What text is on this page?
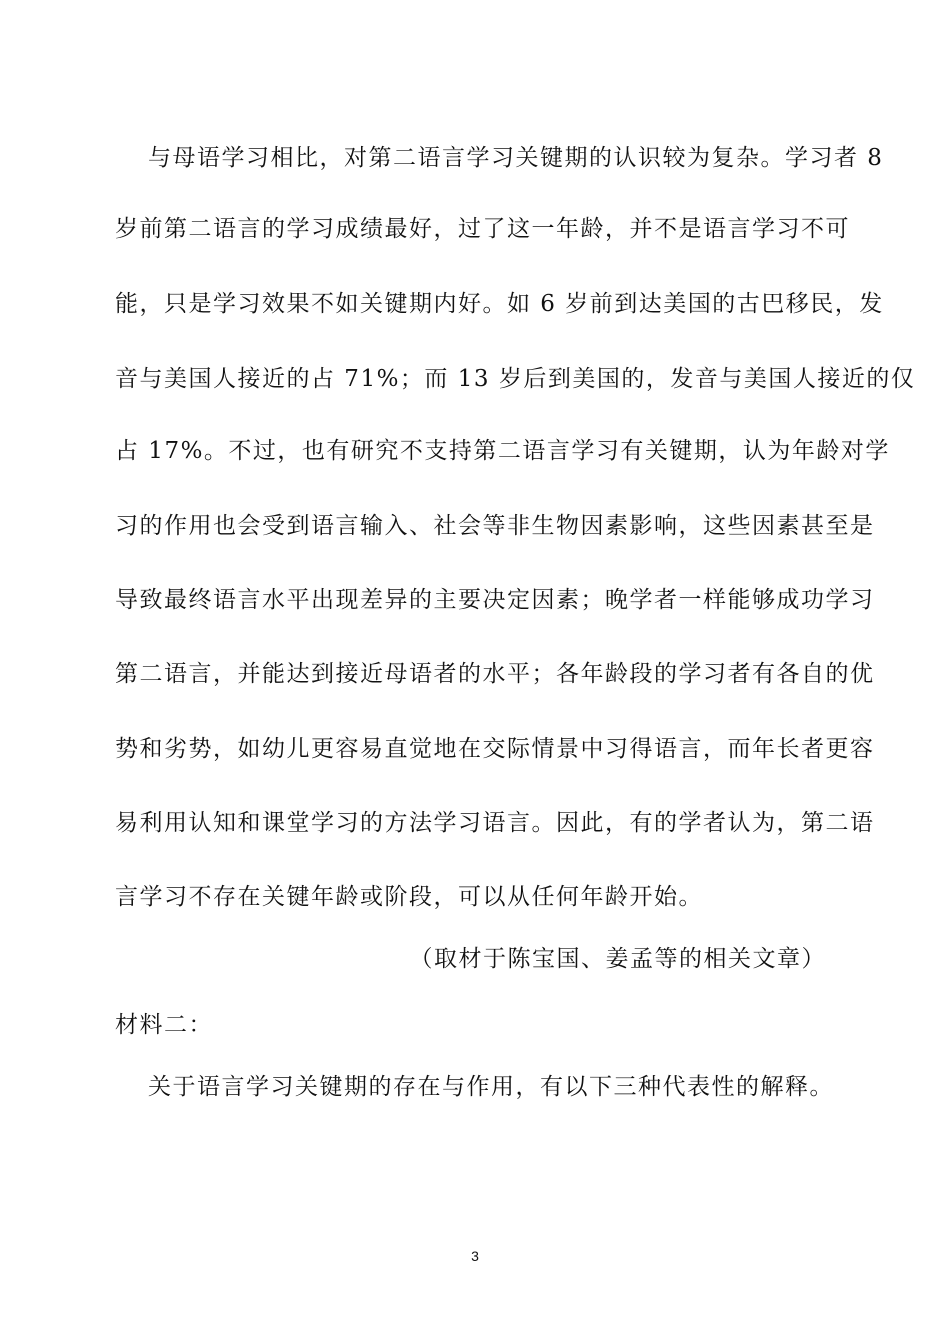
与母语学习相比，对第二语言学习关键期的认识较为复杂。学习者 8
岁前第二语言的学习成绩最好，过了这一年龄，并不是语言学习不可
能，只是学习效果不如关键期内好。如 6 岁前到达美国的古巴移民，发
音与美国人接近的占 71%；而 13 岁后到美国的，发音与美国人接近的仅
占 17%。不过，也有研究不支持第二语言学习有关键期，认为年龄对学
习的作用也会受到语言输入、社会等非生物因素影响，这些因素甚至是
导致最终语言水平出现差异的主要决定因素；晚学者一样能够成功学习
第二语言，并能达到接近母语者的水平；各年龄段的学习者有各自的优
势和劣势，如幼儿更容易直觉地在交际情景中习得语言，而年长者更容
易利用认知和课堂学习的方法学习语言。因此，有的学者认为，第二语
言学习不存在关键年龄或阶段，可以从任何年龄开始。
（取材于陈宝国、姜孟等的相关文章）
材料二：
关于语言学习关键期的存在与作用，有以下三种代表性的解释。
3
